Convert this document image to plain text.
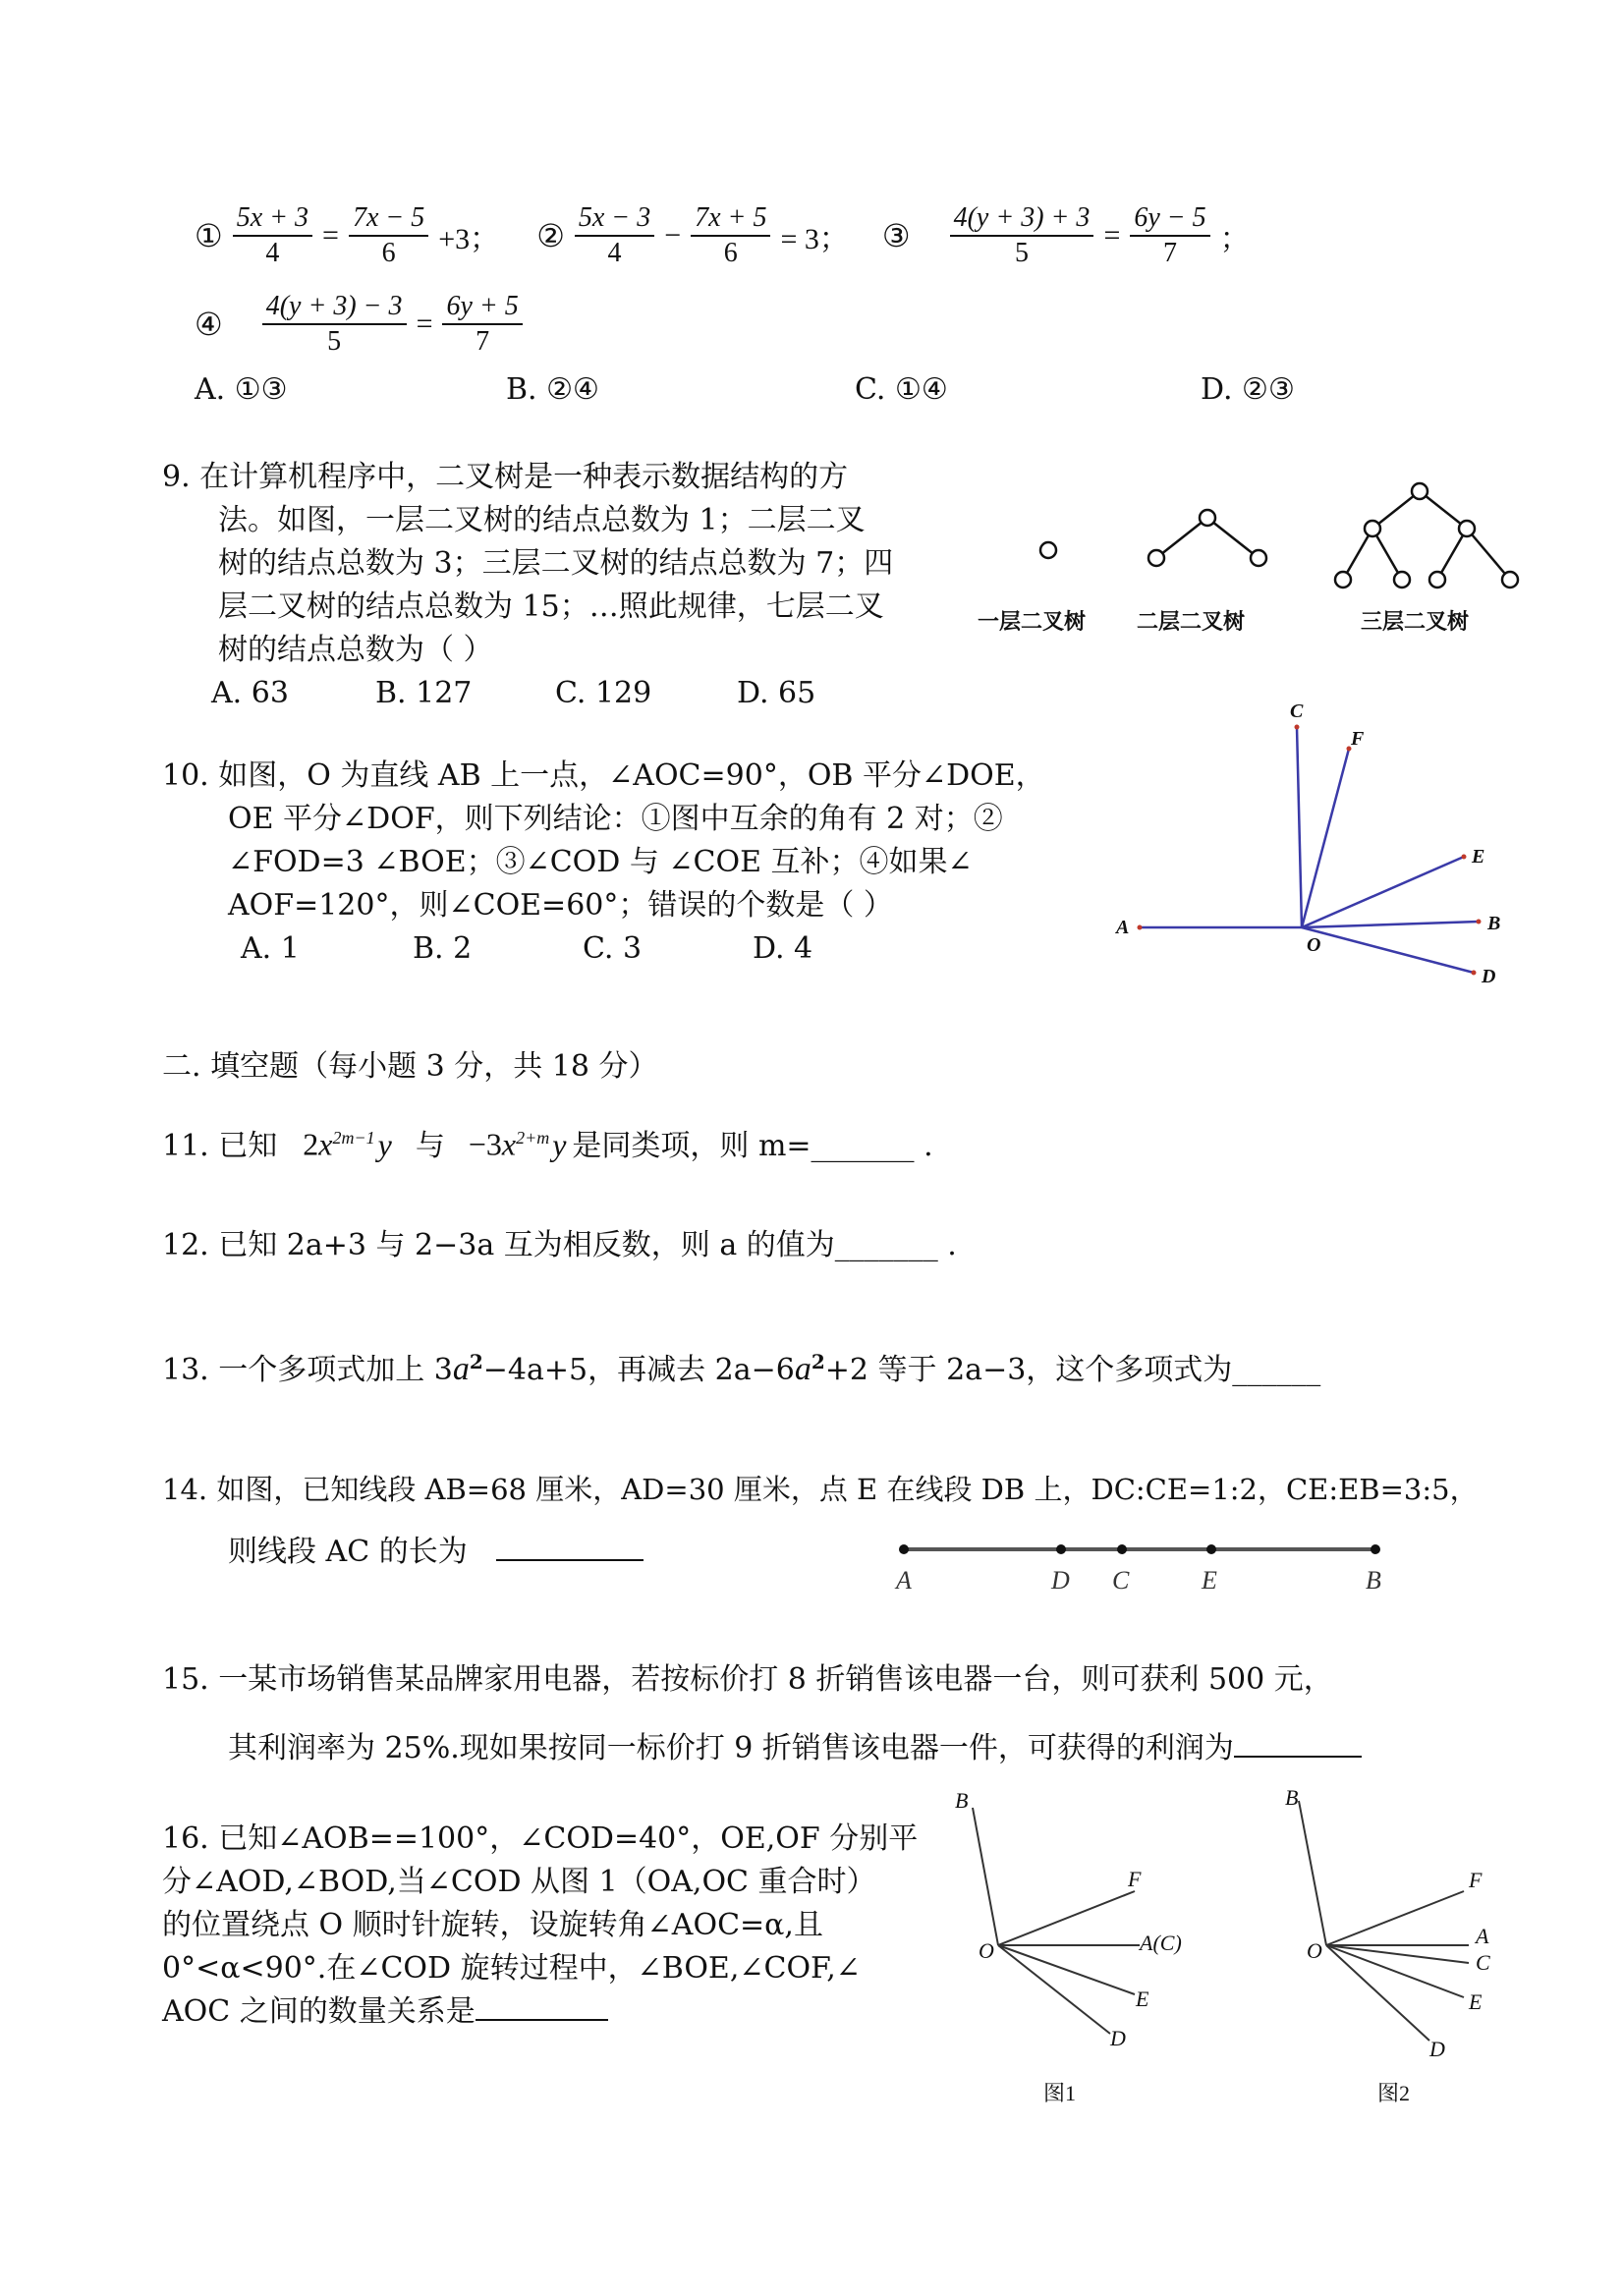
① $\frac{5x + 3}{4} = \frac{7x - 5}{6} +3$； ② $\frac{5x - 3}{4} - \frac{7x + 5}{6} = 3$； ③ $\frac{4(y + 3) + 3}{5} = \frac{6y - 5}{7}$ ；
④ $\frac{4(y + 3) - 3}{5} = \frac{6y + 5}{7}$
A. ①③	B. ②④	C. ①④	D. ②③
9. 在计算机程序中，二叉树是一种表示数据结构的方
法。如图，一层二叉树的结点总数为 1；二层二叉
树的结点总数为 3；三层二叉树的结点总数为 7；四
层二叉树的结点总数为 15；…照此规律，七层二叉
树的结点总数为（ ）
A. 63	B. 127	C. 129	D. 65
一层二叉树 二层二叉树	三层二叉树
10. 如图，O 为直线 AB 上一点，∠AOC=90°，OB 平分∠DOE，
OE 平分∠DOF，则下列结论：①图中互余的角有 2 对；②
∠FOD=3 ∠BOE；③∠COD 与 ∠COE 互补；④如果∠
AOF=120°，则∠COE=60°；错误的个数是（ ）
A. 1	B. 2	C. 3	D. 4
C
F
E
B
A
O
D
二. 填空题（每小题 3 分，共 18 分）
11. 已知 $2x^{2m-1}y$ 与 $-3x^{2+m}y$ 是同类项，则 m=_______ .
12. 已知 2a+3 与 2−3a 互为相反数，则 a 的值为_______ .
13. 一个多项式加上 $3a^2-4a+5$，再减去 $2a-6a^2+2$ 等于 2a−3，这个多项式为______
14. 如图，已知线段 AB=68 厘米，AD=30 厘米，点 E 在线段 DB 上，DC:CE=1:2，CE:EB=3:5，
则线段 AC 的长为
A	D C	E	B
15. 一某市场销售某品牌家用电器，若按标价打 8 折销售该电器一台，则可获利 500 元，
其利润率为 25%.现如果按同一标价打 9 折销售该电器一件，可获得的利润为
16. 已知∠AOB==100°，∠COD=40°，OE,OF 分别平
分∠AOD,∠BOD,当∠COD 从图 1（OA,OC 重合时）
的位置绕点 O 顺时针旋转，设旋转角∠AOC=α,且
0°<α<90°.在∠COD 旋转过程中，∠BOE,∠COF,∠
AOC 之间的数量关系是
B
F
A(C)
O
E
D
图1
B
F
A
C
O
E
D
图2
